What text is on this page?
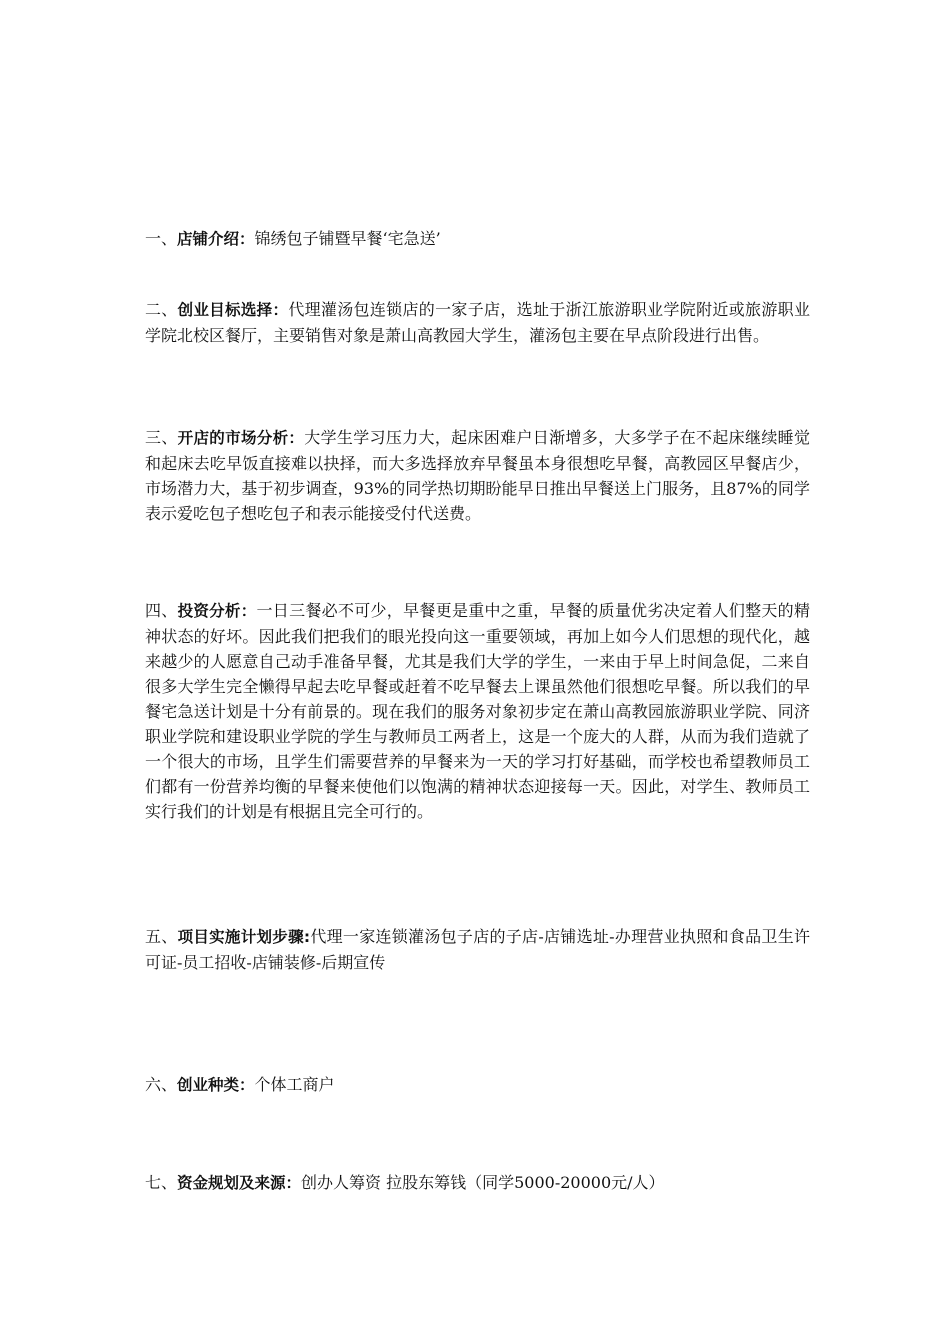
一、店铺介绍：锦绣包子铺暨早餐‘宅急送’

二、创业目标选择：代理灌汤包连锁店的一家子店，选址于浙江旅游职业学院附近或旅游职业学院北校区餐厅，主要销售对象是萧山高教园大学生，灌汤包主要在早点阶段进行出售。

三、开店的市场分析：大学生学习压力大，起床困难户日渐增多，大多学子在不起床继续睡觉和起床去吃早饭直接难以抉择，而大多选择放弃早餐虽本身很想吃早餐，高教园区早餐店少，市场潜力大，基于初步调查，93%的同学热切期盼能早日推出早餐送上门服务，且87%的同学表示爱吃包子想吃包子和表示能接受付代送费。

四、投资分析：一日三餐必不可少，早餐更是重中之重，早餐的质量优劣决定着人们整天的精神状态的好坏。因此我们把我们的眼光投向这一重要领域，再加上如今人们思想的现代化，越来越少的人愿意自己动手准备早餐，尤其是我们大学的学生，一来由于早上时间急促，二来自很多大学生完全懒得早起去吃早餐或赶着不吃早餐去上课虽然他们很想吃早餐。所以我们的早餐宅急送计划是十分有前景的。现在我们的服务对象初步定在萧山高教园旅游职业学院、同济职业学院和建设职业学院的学生与教师员工两者上，这是一个庞大的人群，从而为我们造就了一个很大的市场，且学生们需要营养的早餐来为一天的学习打好基础，而学校也希望教师员工们都有一份营养均衡的早餐来使他们以饱满的精神状态迎接每一天。因此，对学生、教师员工实行我们的计划是有根据且完全可行的。

五、项目实施计划步骤:代理一家连锁灌汤包子店的子店-店铺选址-办理营业执照和食品卫生许可证-员工招收-店铺装修-后期宣传

六、创业种类：个体工商户

七、资金规划及来源：创办人筹资 拉股东筹钱（同学5000-20000元/人）
